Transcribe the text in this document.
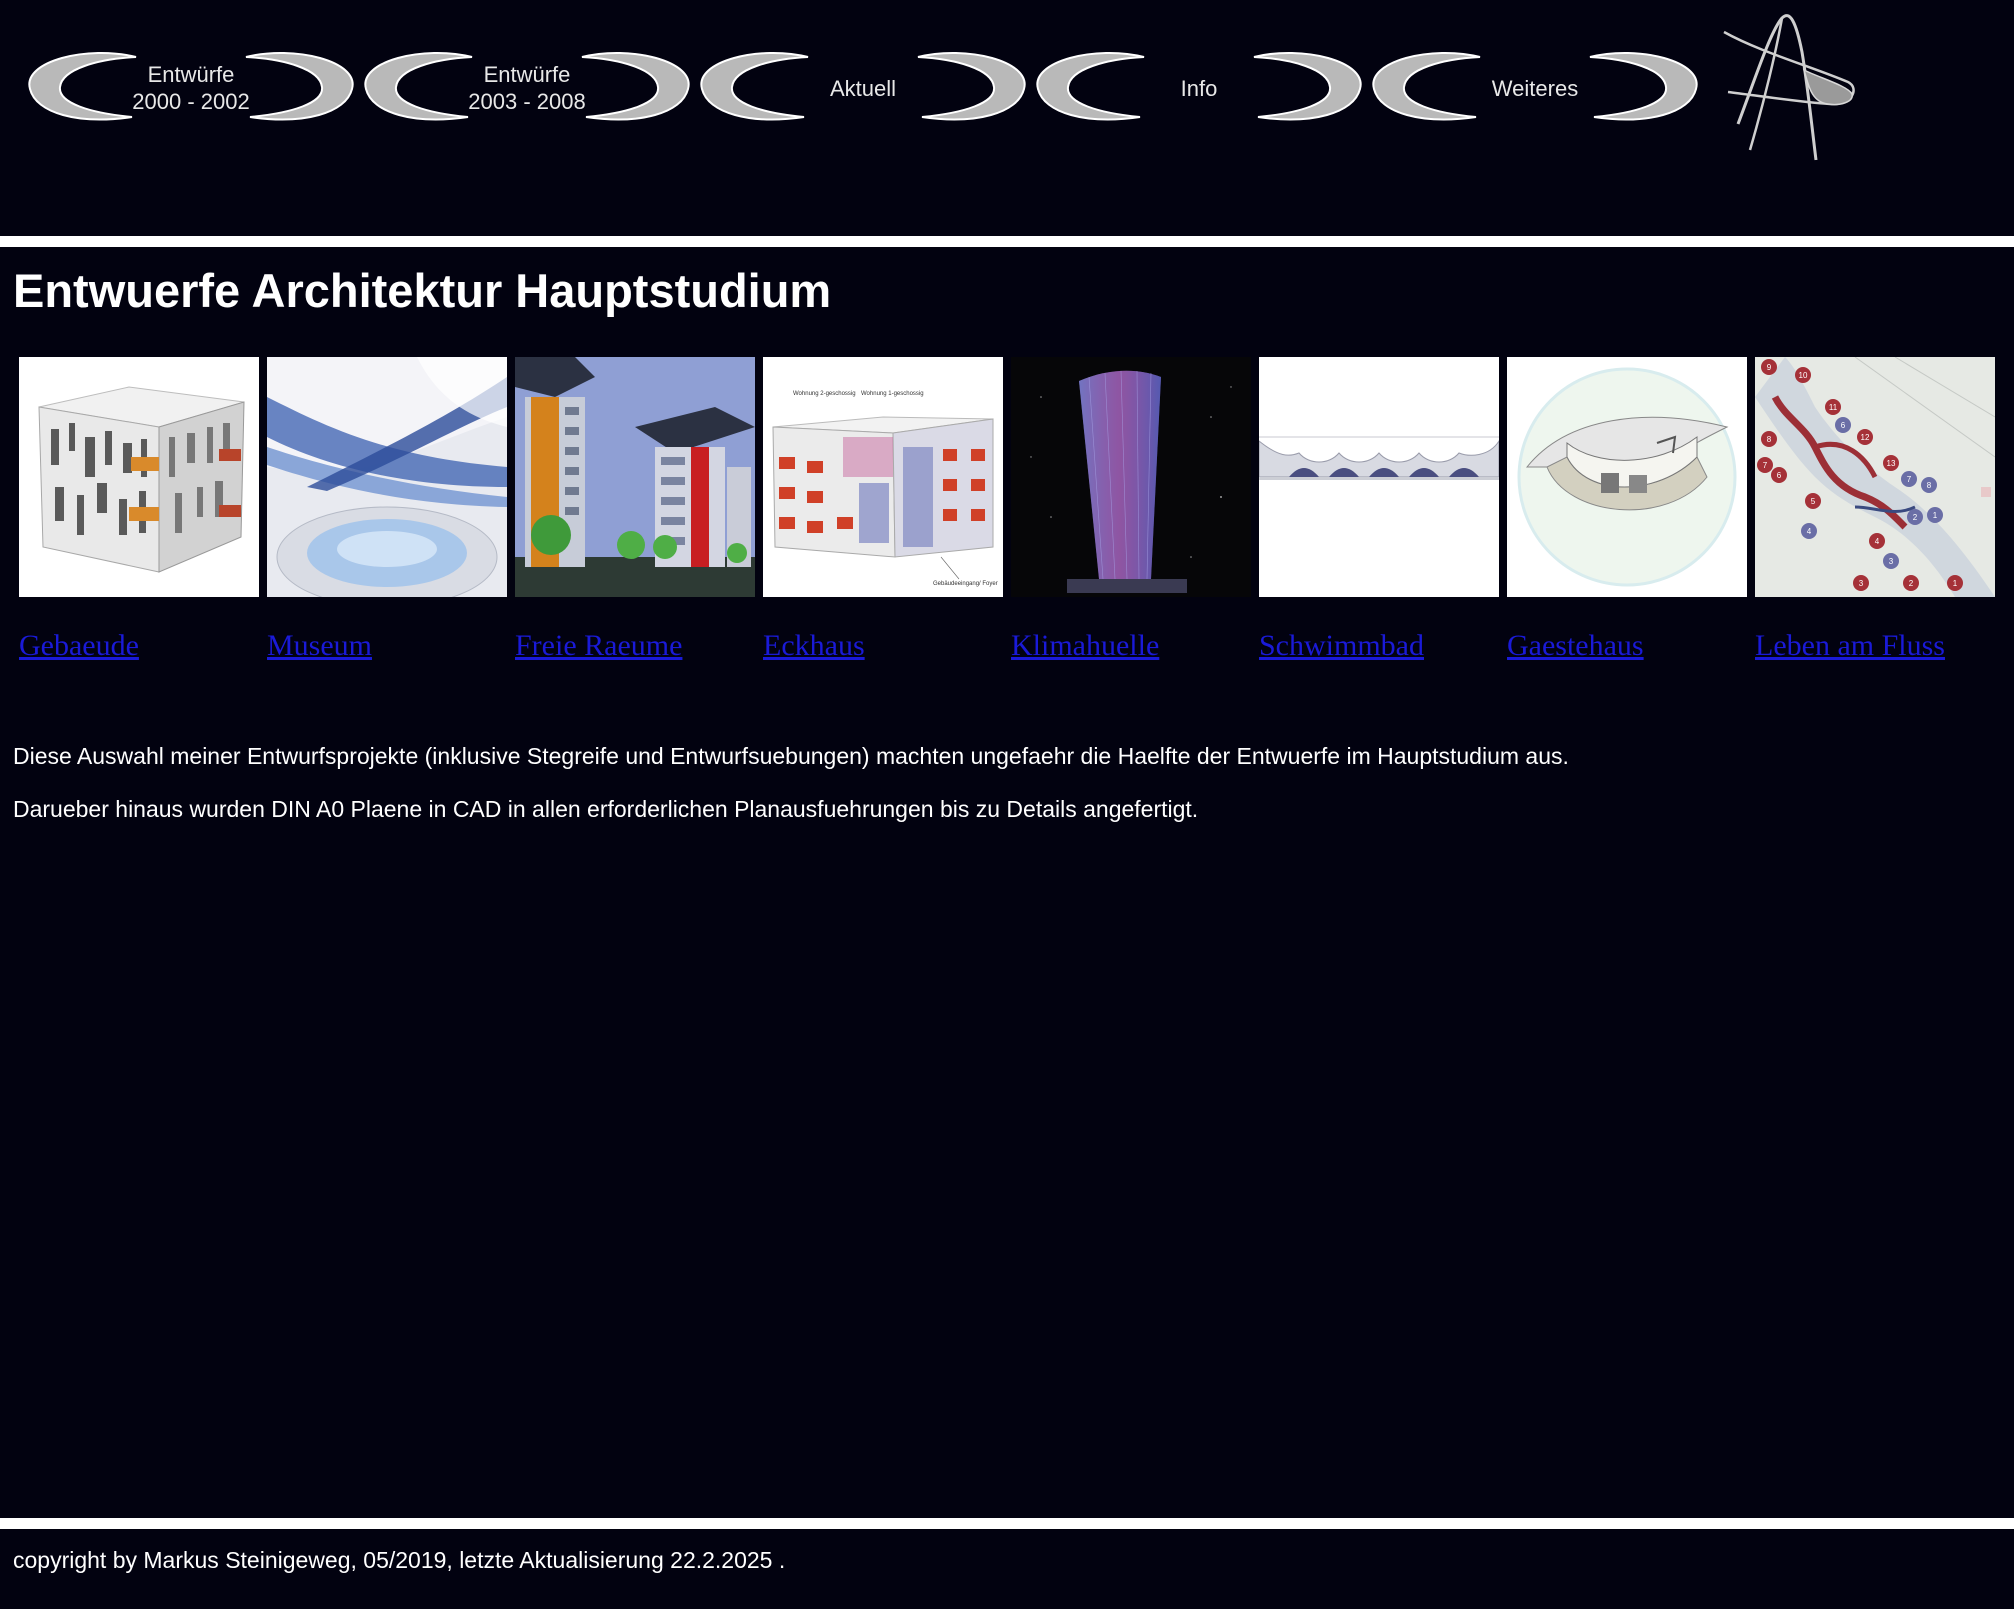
Entwürfe
2000 - 2002
Entwürfe
2003 - 2008
Aktuell	Info	Weiteres
Entwuerfe Architektur Hauptstudium
Wohnung 2-geschossig Wohnung 1-geschossig
Gebäudeeingang/ Foyer
9
10
11
6
12
8
7
6
5
13
7
8
4
3
2 1
4
3	2	1
Gebaeude	Museum	Freie Raeume	Eckhaus	Klimahuelle	Schwimmbad	Gaestehaus	Leben am Fluss

Diese Auswahl meiner Entwurfsprojekte (inklusive Stegreife und Entwurfsuebungen) machten ungefaehr die Haelfte der Entwuerfe im Hauptstudium aus.

Darueber hinaus wurden DIN A0 Plaene in CAD in allen erforderlichen Planausfuehrungen bis zu Details angefertigt.

copyright by Markus Steinigeweg, 05/2019, letzte Aktualisierung 22.2.2025 .
